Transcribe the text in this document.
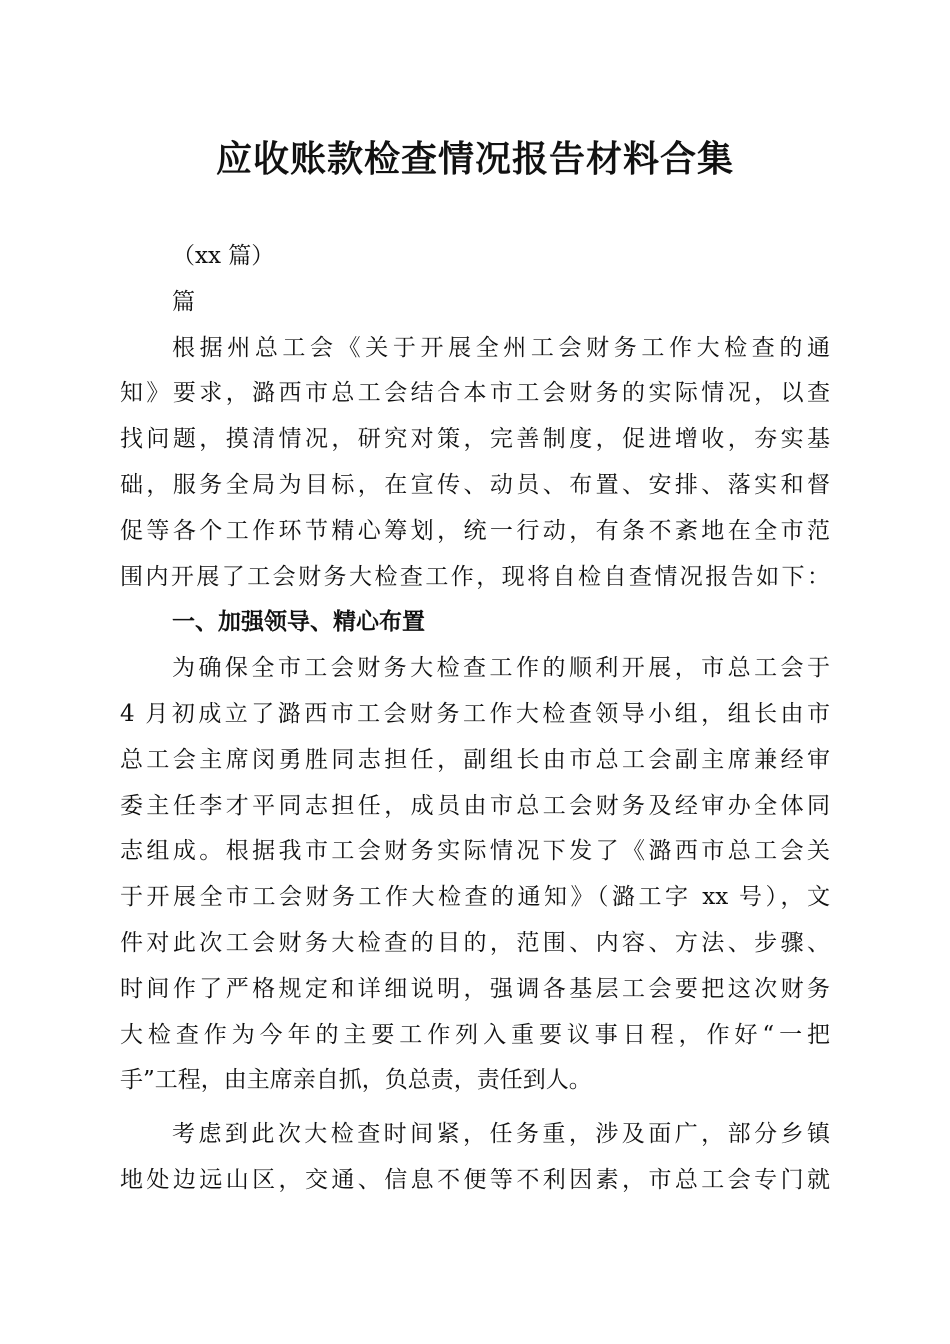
应收账款检查情况报告材料合集
（xx 篇）
篇
根据州总工会《关于开展全州工会财务工作大检查的通
知》要求，潞西市总工会结合本市工会财务的实际情况，以查
找问题，摸清情况，研究对策，完善制度，促进增收，夯实基
础，服务全局为目标，在宣传、动员、布置、安排、落实和督
促等各个工作环节精心筹划，统一行动，有条不紊地在全市范
围内开展了工会财务大检查工作，现将自检自查情况报告如下：
一、加强领导、精心布置
为确保全市工会财务大检查工作的顺利开展，市总工会于
4 月初成立了潞西市工会财务工作大检查领导小组，组长由市
总工会主席闵勇胜同志担任，副组长由市总工会副主席兼经审
委主任李才平同志担任，成员由市总工会财务及经审办全体同
志组成。根据我市工会财务实际情况下发了《潞西市总工会关
于开展全市工会财务工作大检查的通知》（潞工字 xx 号），文
件对此次工会财务大检查的目的，范围、内容、方法、步骤、
时间作了严格规定和详细说明，强调各基层工会要把这次财务
大检查作为今年的主要工作列入重要议事日程，作好“一把
手”工程，由主席亲自抓，负总责，责任到人。
考虑到此次大检查时间紧，任务重，涉及面广，部分乡镇
地处边远山区，交通、信息不便等不利因素，市总工会专门就
